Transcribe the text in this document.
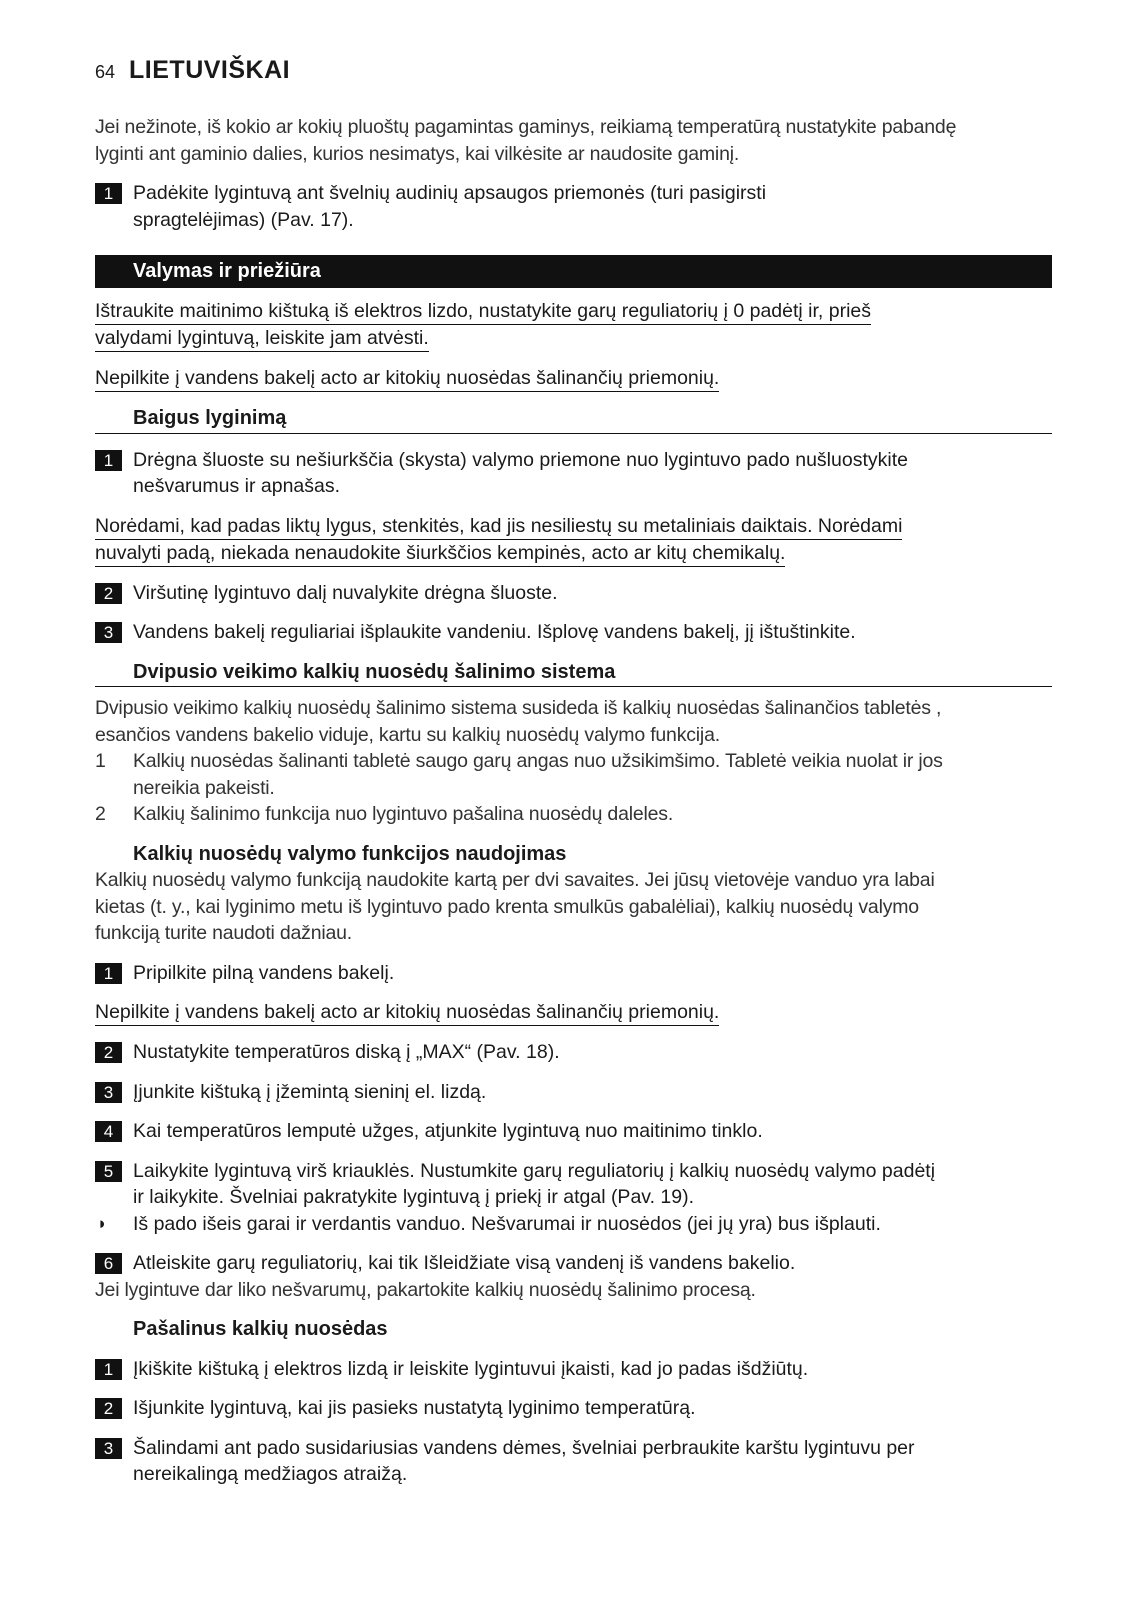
64 LIETUVIŠKAI
Jei nežinote, iš kokio ar kokių pluoštų pagamintas gaminys, reikiamą temperatūrą nustatykite pabandę
lyginti ant gaminio dalies, kurios nesimatys, kai vilkėsite ar naudosite gaminį.
1	Padėkite lygintuvą ant švelnių audinių apsaugos priemonės (turi pasigirsti
spragtelėjimas) (Pav. 17).
Valymas ir priežiūra
Ištraukite maitinimo kištuką iš elektros lizdo, nustatykite garų reguliatorių į 0 padėtį ir, prieš
valydami lygintuvą, leiskite jam atvėsti.
Nepilkite į vandens bakelį acto ar kitokių nuosėdas šalinančių priemonių.
Baigus lyginimą
1	Drėgna šluoste su nešiurkščia (skysta) valymo priemone nuo lygintuvo pado nušluostykite
nešvarumus ir apnašas.
Norėdami, kad padas liktų lygus, stenkitės, kad jis nesiliestų su metaliniais daiktais. Norėdami
nuvalyti padą, niekada nenaudokite šiurkščios kempinės, acto ar kitų chemikalų.
2	Viršutinę lygintuvo dalį nuvalykite drėgna šluoste.
3	Vandens bakelį reguliariai išplaukite vandeniu. Išplovę vandens bakelį, jį ištuštinkite.
Dvipusio veikimo kalkių nuosėdų šalinimo sistema
Dvipusio veikimo kalkių nuosėdų šalinimo sistema susideda iš kalkių nuosėdas šalinančios tabletės ,
esančios vandens bakelio viduje, kartu su kalkių nuosėdų valymo funkcija.
1 Kalkių nuosėdas šalinanti tabletė saugo garų angas nuo užsikimšimo. Tabletė veikia nuolat ir jos
nereikia pakeisti.
2 Kalkių šalinimo funkcija nuo lygintuvo pašalina nuosėdų daleles.
Kalkių nuosėdų valymo funkcijos naudojimas
Kalkių nuosėdų valymo funkciją naudokite kartą per dvi savaites. Jei jūsų vietovėje vanduo yra labai
kietas (t. y., kai lyginimo metu iš lygintuvo pado krenta smulkūs gabalėliai), kalkių nuosėdų valymo
funkciją turite naudoti dažniau.
1	Pripilkite pilną vandens bakelį.
Nepilkite į vandens bakelį acto ar kitokių nuosėdas šalinančių priemonių.
2	Nustatykite temperatūros diską į „MAX“ (Pav. 18).
3	Įjunkite kištuką į įžemintą sieninį el. lizdą.
4	Kai temperatūros lemputė užges, atjunkite lygintuvą nuo maitinimo tinklo.
5	Laikykite lygintuvą virš kriauklės. Nustumkite garų reguliatorių į kalkių nuosėdų valymo padėtį
ir laikykite. Švelniai pakratykite lygintuvą į priekį ir atgal (Pav. 19).
◗ Iš pado išeis garai ir verdantis vanduo. Nešvarumai ir nuosėdos (jei jų yra) bus išplauti.
6	Atleiskite garų reguliatorių, kai tik Išleidžiate visą vandenį iš vandens bakelio.
Jei lygintuve dar liko nešvarumų, pakartokite kalkių nuosėdų šalinimo procesą.
Pašalinus kalkių nuosėdas
1	Įkiškite kištuką į elektros lizdą ir leiskite lygintuvui įkaisti, kad jo padas išdžiūtų.
2	Išjunkite lygintuvą, kai jis pasieks nustatytą lyginimo temperatūrą.
3	Šalindami ant pado susidariusias vandens dėmes, švelniai perbraukite karštu lygintuvu per
nereikalingą medžiagos atraižą.
